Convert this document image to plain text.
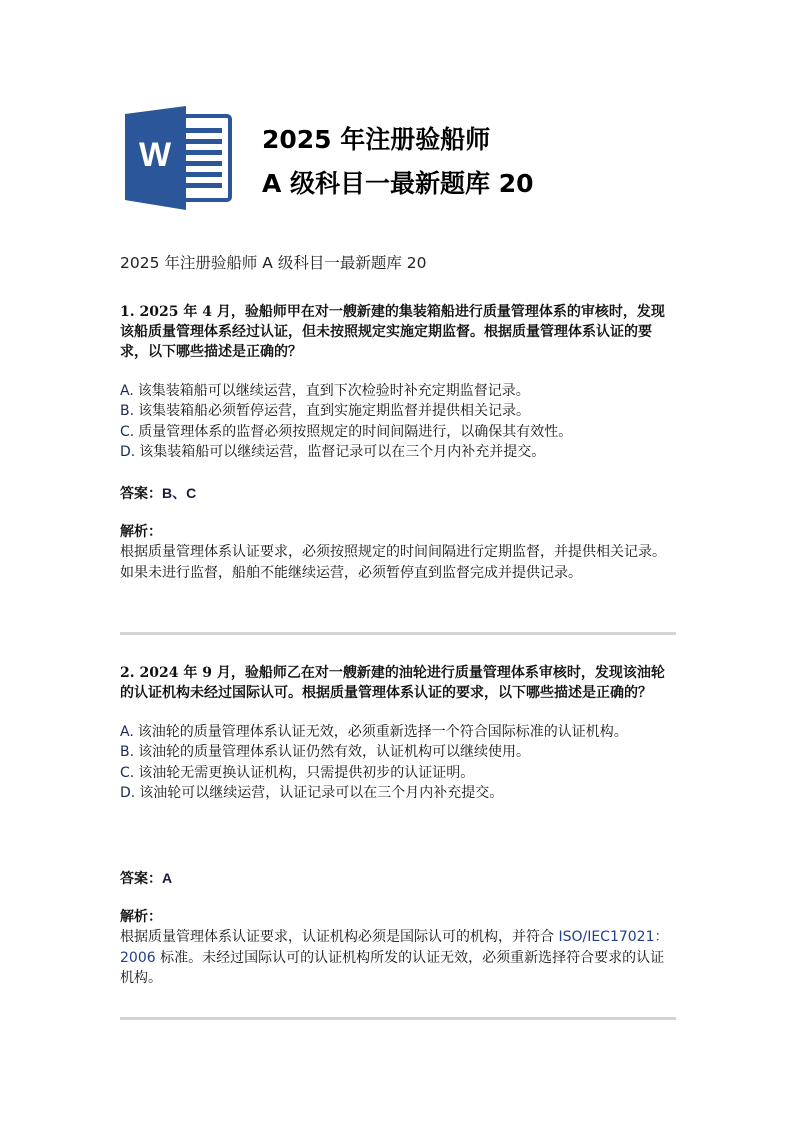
W	2025 年注册验船师
A 级科目一最新题库 20
2025 年注册验船师 A 级科目一最新题库 20
1. 2025 年 4 月，验船师甲在对一艘新建的集装箱船进行质量管理体系的审核时，发现该船质量管理体系经过认证，但未按照规定实施定期监督。根据质量管理体系认证的要求，以下哪些描述是正确的？
A. 该集装箱船可以继续运营，直到下次检验时补充定期监督记录。
B. 该集装箱船必须暂停运营，直到实施定期监督并提供相关记录。
C. 质量管理体系的监督必须按照规定的时间间隔进行，以确保其有效性。
D. 该集装箱船可以继续运营，监督记录可以在三个月内补充并提交。
答案：B、C
解析：
根据质量管理体系认证要求，必须按照规定的时间间隔进行定期监督，并提供相关记录。如果未进行监督，船舶不能继续运营，必须暂停直到监督完成并提供记录。
2. 2024 年 9 月，验船师乙在对一艘新建的油轮进行质量管理体系审核时，发现该油轮的认证机构未经过国际认可。根据质量管理体系认证的要求，以下哪些描述是正确的？
A. 该油轮的质量管理体系认证无效，必须重新选择一个符合国际标准的认证机构。
B. 该油轮的质量管理体系认证仍然有效，认证机构可以继续使用。
C. 该油轮无需更换认证机构，只需提供初步的认证证明。
D. 该油轮可以继续运营，认证记录可以在三个月内补充提交。
答案：A
解析：
根据质量管理体系认证要求，认证机构必须是国际认可的机构，并符合 ISO/IEC17021：2006 标准。未经过国际认可的认证机构所发的认证无效，必须重新选择符合要求的认证机构。
